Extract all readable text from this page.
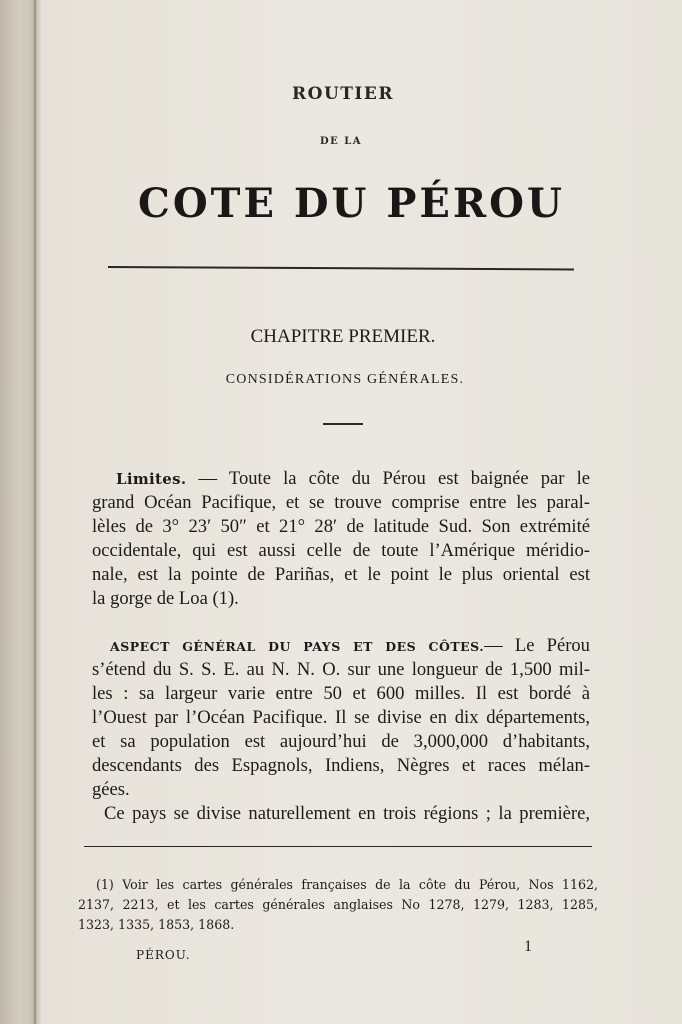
ROUTIER
DE LA
COTE DU PÉROU
CHAPITRE PREMIER.
CONSIDÉRATIONS GÉNÉRALES.
Limites. — Toute la côte du Pérou est baignée par le
grand Océan Pacifique, et se trouve comprise entre les paral-
lèles de 3° 23′ 50″ et 21° 28′ de latitude Sud. Son extrémité
occidentale, qui est aussi celle de toute l’Amérique méridio-
nale, est la pointe de Pariñas, et le point le plus oriental est
la gorge de Loa (1).
ASPECT GÉNÉRAL DU PAYS ET DES CÔTES.— Le Pérou
s’étend du S. S. E. au N. N. O. sur une longueur de 1,500 mil-
les : sa largeur varie entre 50 et 600 milles. Il est bordé à
l’Ouest par l’Océan Pacifique. Il se divise en dix départements,
et sa population est aujourd’hui de 3,000,000 d’habitants,
descendants des Espagnols, Indiens, Nègres et races mélan-
gées.
Ce pays se divise naturellement en trois régions ; la première,
(1) Voir les cartes générales françaises de la côte du Pérou, Nos 1162,
2137, 2213, et les cartes générales anglaises No 1278, 1279, 1283, 1285,
1323, 1335, 1853, 1868.
PÉROU.	1
